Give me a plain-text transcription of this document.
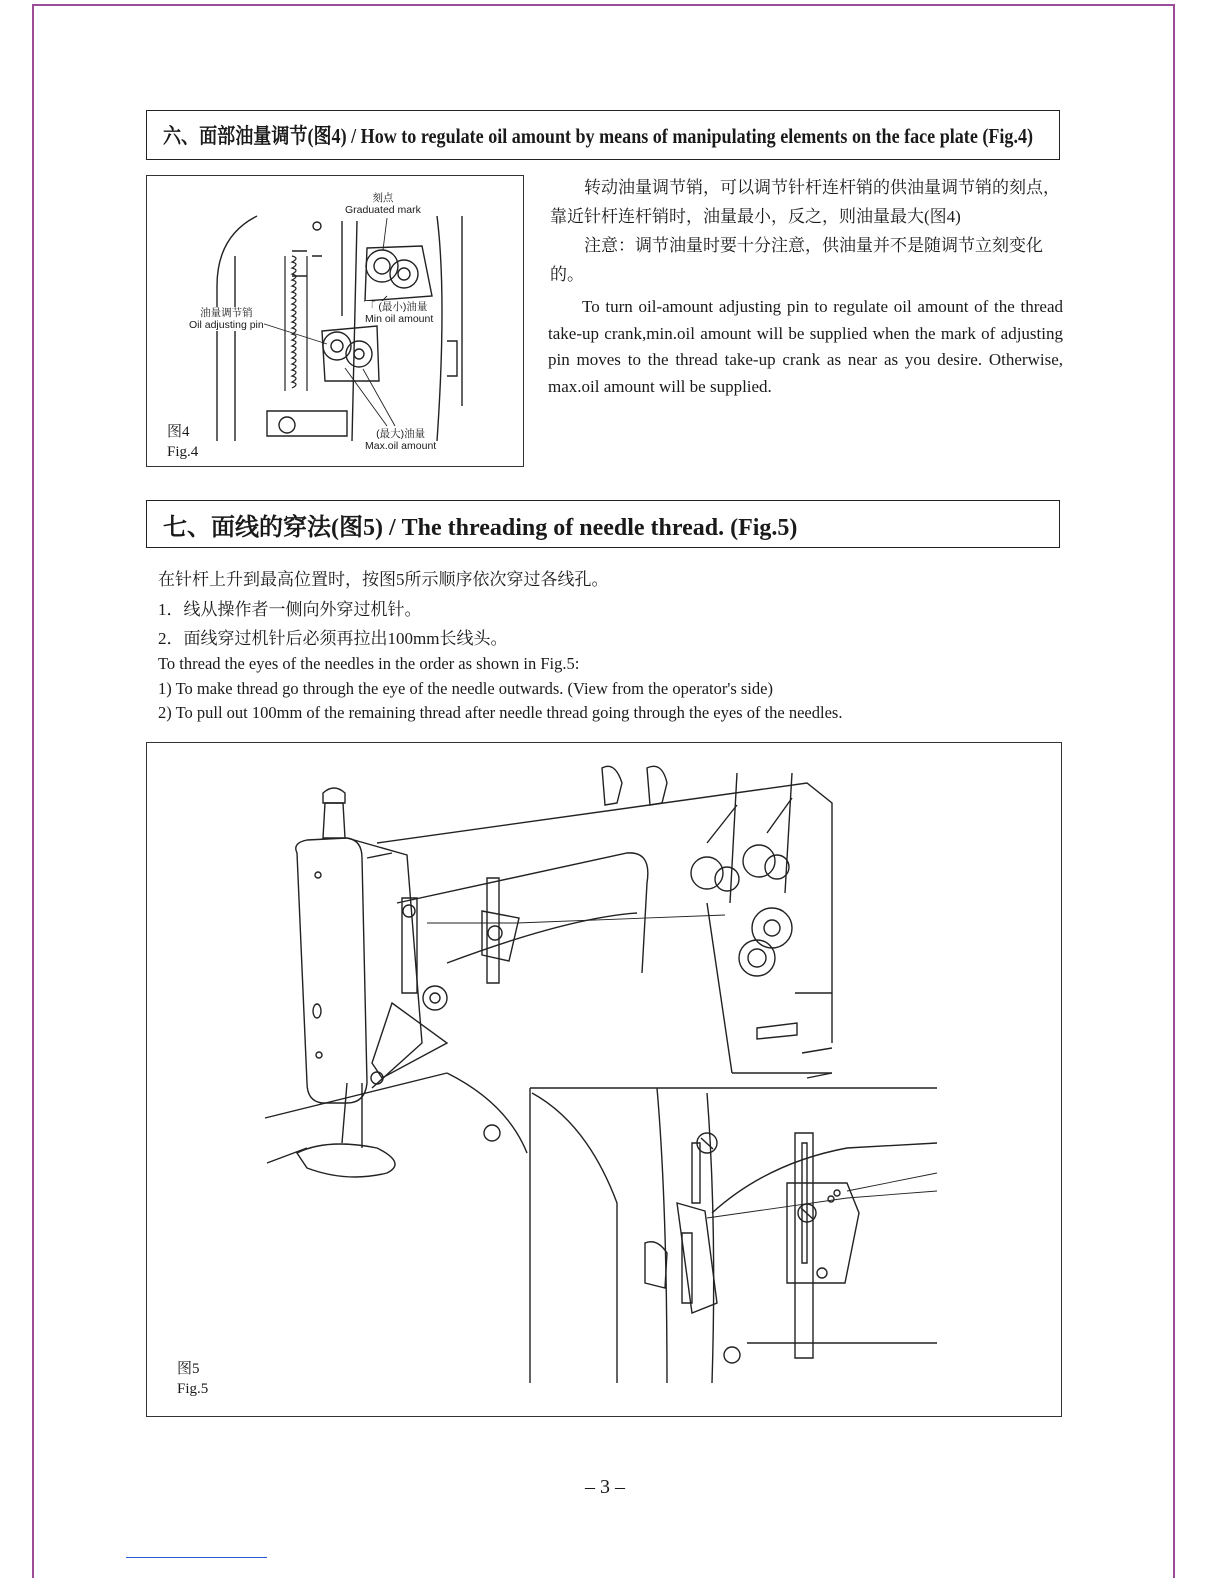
六、面部油量调节(图4) / How to regulate oil amount by means of manipulating elements on the face plate (Fig.4)
刻点
Graduated mark
油量调节销
Oil adjusting pin
「 (最小)油量
Min oil amount
(最大)油量
Max.oil amount
图4
Fig.4
转动油量调节销，可以调节针杆连杆销的供油量调节销的刻点，靠近针杆连杆销时，油量最小，反之，则油量最大(图4)
注意：调节油量时要十分注意，供油量并不是随调节立刻变化的。
To turn oil-amount adjusting pin to regulate oil amount of the thread take-up crank,min.oil amount will be supplied when the mark of adjusting pin moves to the thread take-up crank as near as you desire. Otherwise, max.oil amount will be supplied.
七、面线的穿法(图5) / The threading of needle thread. (Fig.5)
在针杆上升到最高位置时，按图5所示顺序依次穿过各线孔。
1．线从操作者一侧向外穿过机针。
2．面线穿过机针后必须再拉出100mm长线头。
To thread the eyes of the needles in the order as shown in Fig.5:
1) To make thread go through the eye of the needle outwards. (View from the operator's side)
2) To pull out 100mm of the remaining thread after needle thread going through the eyes of the needles.
图5
Fig.5
– 3 –
